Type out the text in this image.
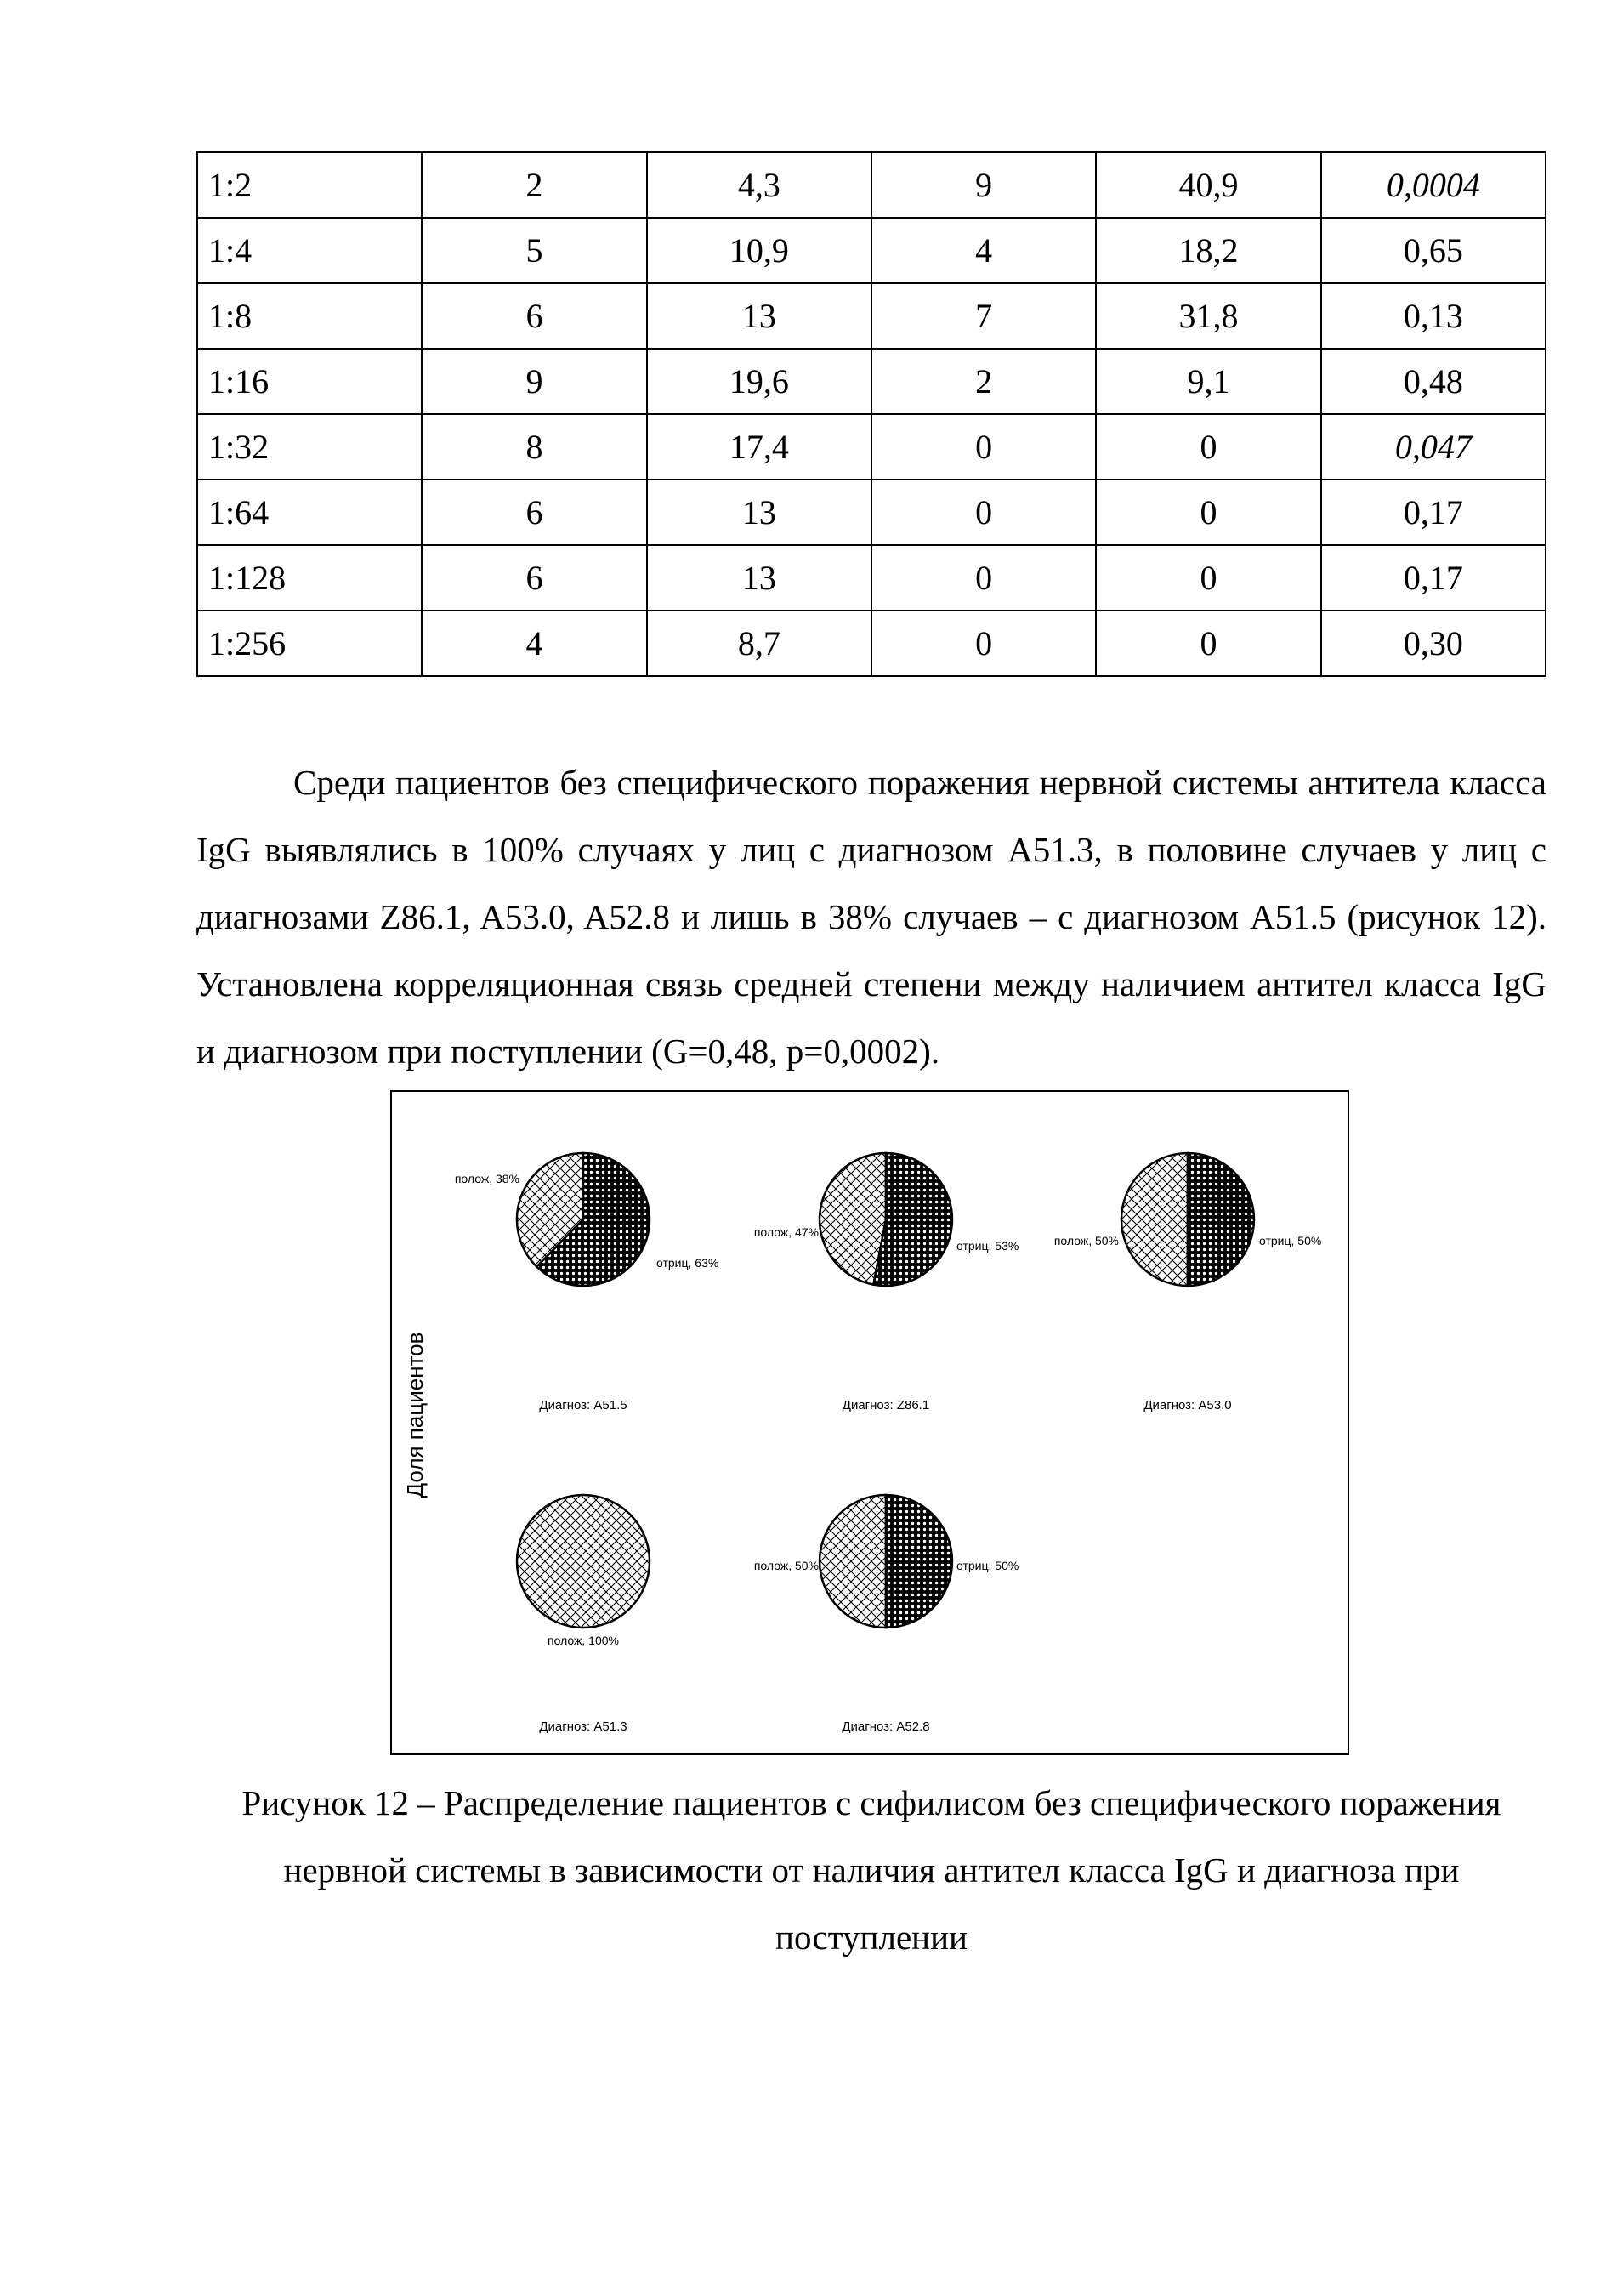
1:2	2	4,3	9	40,9	0,0004
1:4	5	10,9	4	18,2	0,65
1:8	6	13	7	31,8	0,13
1:16	9	19,6	2	9,1	0,48
1:32	8	17,4	0	0	0,047
1:64	6	13	0	0	0,17
1:128	6	13	0	0	0,17
1:256	4	8,7	0	0	0,30

Среди пациентов без специфического поражения нервной системы антитела класса IgG выявлялись в 100% случаях у лиц с диагнозом A51.3, в половине случаев у лиц с диагнозами Z86.1, A53.0, A52.8 и лишь в 38% случаев – с диагнозом A51.5 (рисунок 12). Установлена корреляционная связь средней степени между наличием антител класса IgG и диагнозом при поступлении (G=0,48, p=0,0002).

Доля пациентов
полож, 38%
отриц, 63%
Диагноз: A51.5
полож, 47%
отриц, 53%
Диагноз: Z86.1
полож, 50%	отриц, 50%
Диагноз: A53.0
полож, 100%
Диагноз: A51.3
полож, 50%	отриц, 50%
Диагноз: A52.8

Рисунок 12 – Распределение пациентов с сифилисом без специфического поражения нервной системы в зависимости от наличия антител класса IgG и диагноза при поступлении
